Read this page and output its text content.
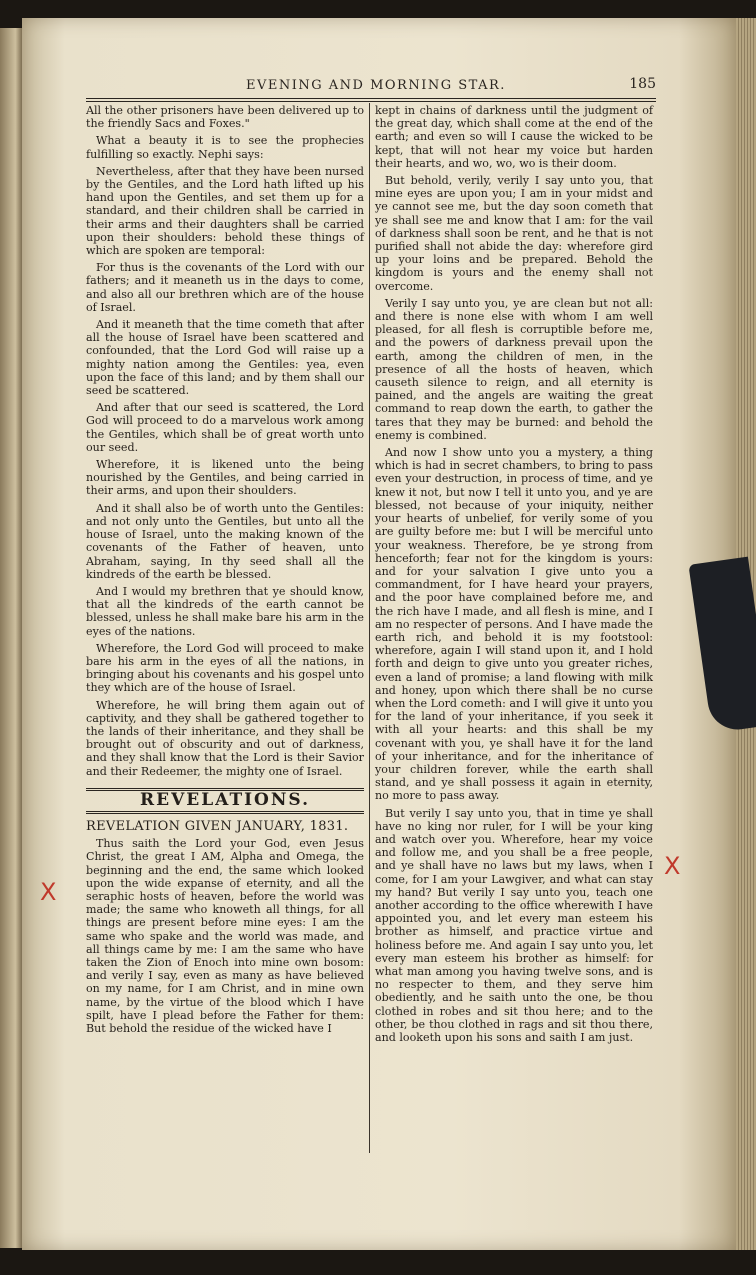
EVENING AND MORNING STAR.	185

All the other prisoners have been delivered up to the friendly Sacs and Foxes."

What a beauty it is to see the prophecies fulfilling so exactly. Nephi says:

Nevertheless, after that they have been nursed by the Gentiles, and the Lord hath lifted up his hand upon the Gentiles, and set them up for a standard, and their children shall be carried in their arms and their daughters shall be carried upon their shoulders: behold these things of which are spoken are temporal:

For thus is the covenants of the Lord with our fathers; and it meaneth us in the days to come, and also all our brethren which are of the house of Israel.

And it meaneth that the time cometh that after all the house of Israel have been scattered and confounded, that the Lord God will raise up a mighty nation among the Gentiles: yea, even upon the face of this land; and by them shall our seed be scattered.

And after that our seed is scattered, the Lord God will proceed to do a marvelous work among the Gentiles, which shall be of great worth unto our seed.

Wherefore, it is likened unto the being nourished by the Gentiles, and being carried in their arms, and upon their shoulders.

And it shall also be of worth unto the Gentiles: and not only unto the Gentiles, but unto all the house of Israel, unto the making known of the covenants of the Father of heaven, unto Abraham, saying, In thy seed shall all the kindreds of the earth be blessed.

And I would my brethren that ye should know, that all the kindreds of the earth cannot be blessed, unless he shall make bare his arm in the eyes of the nations.

Wherefore, the Lord God will proceed to make bare his arm in the eyes of all the nations, in bringing about his covenants and his gospel unto they which are of the house of Israel.

Wherefore, he will bring them again out of captivity, and they shall be gathered together to the lands of their inheritance, and they shall be brought out of obscurity and out of darkness, and they shall know that the Lord is their Savior and their Redeemer, the mighty one of Israel.

REVELATIONS.

REVELATION GIVEN JANUARY, 1831.

Thus saith the Lord your God, even Jesus Christ, the great I AM, Alpha and Omega, the beginning and the end, the same which looked upon the wide expanse of eternity, and all the seraphic hosts of heaven, before the world was made; the same who knoweth all things, for all things are present before mine eyes: I am the same who spake and the world was made, and all things came by me: I am the same who have taken the Zion of Enoch into mine own bosom: and verily I say, even as many as have believed on my name, for I am Christ, and in mine own name, by the virtue of the blood which I have spilt, have I plead before the Father for them: But behold the residue of the wicked have I

kept in chains of darkness until the judgment of the great day, which shall come at the end of the earth; and even so will I cause the wicked to be kept, that will not hear my voice but harden their hearts, and wo, wo, wo is their doom.

But behold, verily, verily I say unto you, that mine eyes are upon you; I am in your midst and ye cannot see me, but the day soon cometh that ye shall see me and know that I am: for the vail of darkness shall soon be rent, and he that is not purified shall not abide the day: wherefore gird up your loins and be prepared. Behold the kingdom is yours and the enemy shall not overcome.

Verily I say unto you, ye are clean but not all: and there is none else with whom I am well pleased, for all flesh is corruptible before me, and the powers of darkness prevail upon the earth, among the children of men, in the presence of all the hosts of heaven, which causeth silence to reign, and all eternity is pained, and the angels are waiting the great command to reap down the earth, to gather the tares that they may be burned: and behold the enemy is combined.

And now I show unto you a mystery, a thing which is had in secret chambers, to bring to pass even your destruction, in process of time, and ye knew it not, but now I tell it unto you, and ye are blessed, not because of your iniquity, neither your hearts of unbelief, for verily some of you are guilty before me: but I will be merciful unto your weakness. Therefore, be ye strong from henceforth; fear not for the kingdom is yours: and for your salvation I give unto you a commandment, for I have heard your prayers, and the poor have complained before me, and the rich have I made, and all flesh is mine, and I am no respecter of persons. And I have made the earth rich, and behold it is my footstool: wherefore, again I will stand upon it, and I hold forth and deign to give unto you greater riches, even a land of promise; a land flowing with milk and honey, upon which there shall be no curse when the Lord cometh: and I will give it unto you for the land of your inheritance, if you seek it with all your hearts: and this shall be my covenant with you, ye shall have it for the land of your inheritance, and for the inheritance of your children forever, while the earth shall stand, and ye shall possess it again in eternity, no more to pass away.

But verily I say unto you, that in time ye shall have no king nor ruler, for I will be your king and watch over you. Wherefore, hear my voice and follow me, and you shall be a free people, and ye shall have no laws but my laws, when I come, for I am your Lawgiver, and what can stay my hand? But verily I say unto you, teach one another according to the office wherewith I have appointed you, and let every man esteem his brother as himself, and practice virtue and holiness before me. And again I say unto you, let every man esteem his brother as himself: for what man among you having twelve sons, and is no respecter to them, and they serve him obediently, and he saith unto the one, be thou clothed in robes and sit thou here; and to the other, be thou clothed in rags and sit thou there, and looketh upon his sons and saith I am just.

X
X
